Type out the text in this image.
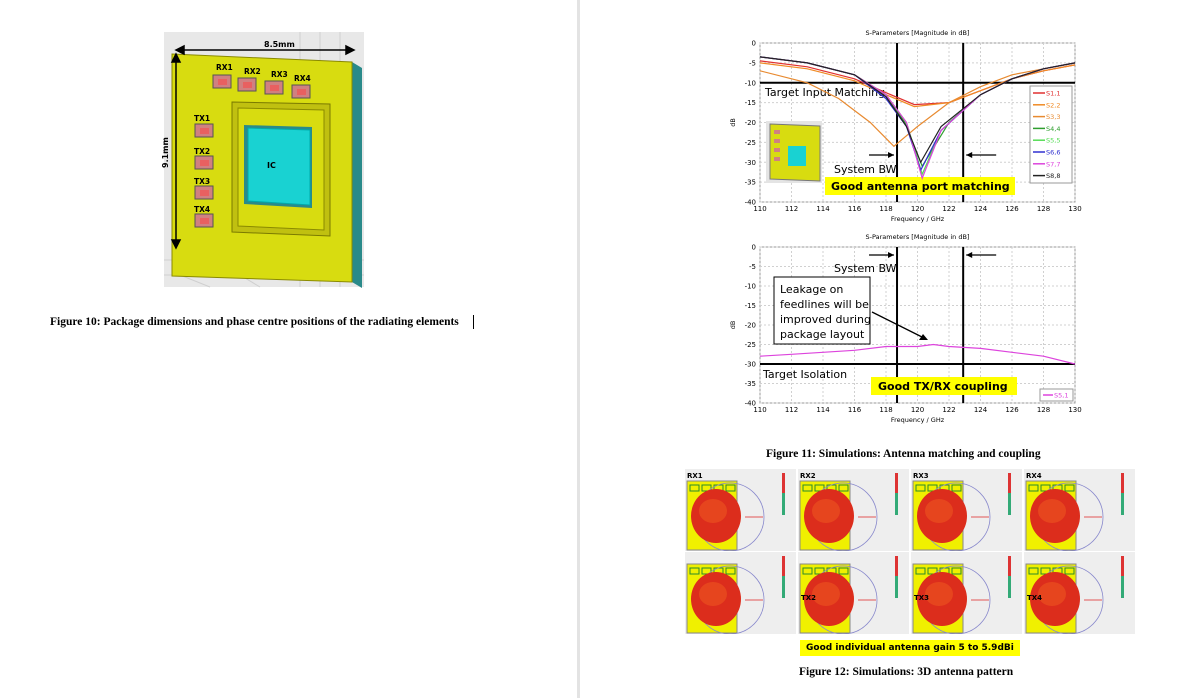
IC
RX1 RX2 RX3 RX4
TX1
TX2
TX3
TX4
8.5mm
9.1mm
Figure 10: Package dimensions and phase centre positions of the radiating elements
S-Parameters [Magnitude in dB]
110	112	114	116	118	120	122	124	126	128	130
0
-5
-10
-15
-20
-25
-30
-35
-40
Frequency / GHz
dB
Target Input Matching
System BW
Good antenna port matching
S1,1
S2,2
S3,3
S4,4
S5,5
S6,6
S7,7
S8,8
S-Parameters [Magnitude in dB]
110	112	114	116	118	120	122	124	126	128	130
0
-5
-10
-15
-20
-25
-30
-35
-40
Frequency / GHz
dB
System BW
Leakage on
feedlines will be
improved during
package layout
Target Isolation
Good TX/RX coupling
S5,1
Figure 11: Simulations: Antenna matching and coupling
RX1	RX2	RX3	RX4
TX2	TX3	TX4
Good individual antenna gain 5 to 5.9dBi
Figure 12: Simulations: 3D antenna pattern
